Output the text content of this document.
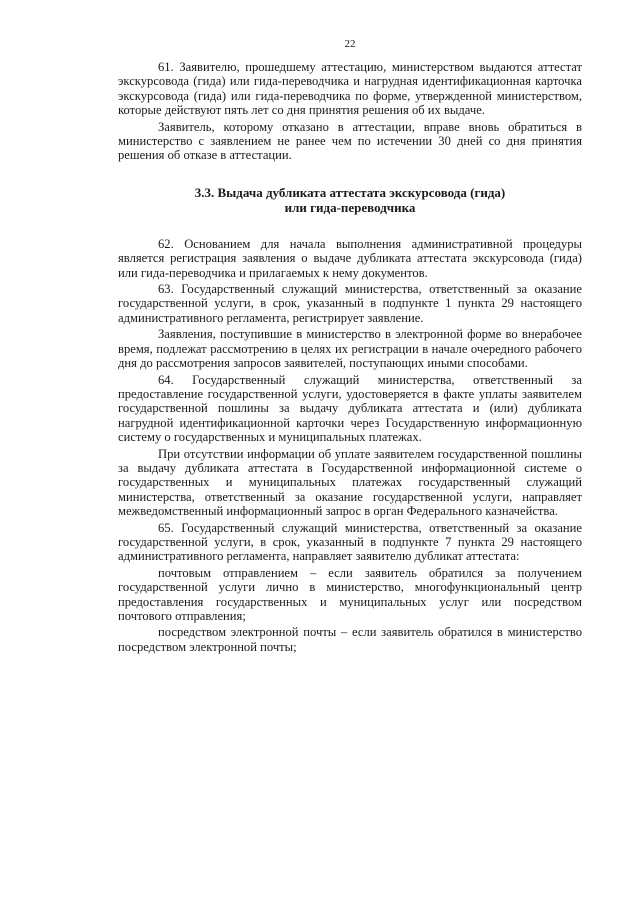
22

61. Заявителю, прошедшему аттестацию, министерством выдаются аттестат экскурсовода (гида) или гида-переводчика и нагрудная идентификационная карточка экскурсовода (гида) или гида-переводчика по форме, утвержденной министерством, которые действуют пять лет со дня принятия решения об их выдаче.

Заявитель, которому отказано в аттестации, вправе вновь обратиться в министерство с заявлением не ранее чем по истечении 30 дней со дня принятия решения об отказе в аттестации.

3.3. Выдача дубликата аттестата экскурсовода (гида)
или гида-переводчика

62. Основанием для начала выполнения административной процедуры является регистрация заявления о выдаче дубликата аттестата экскурсовода (гида) или гида-переводчика и прилагаемых к нему документов.

63. Государственный служащий министерства, ответственный за оказание государственной услуги, в срок, указанный в подпункте 1 пункта 29 настоящего административного регламента, регистрирует заявление.

Заявления, поступившие в министерство в электронной форме во внерабочее время, подлежат рассмотрению в целях их регистрации в начале очередного рабочего дня до рассмотрения запросов заявителей, поступающих иными способами.

64. Государственный служащий министерства, ответственный за предоставление государственной услуги, удостоверяется в факте уплаты заявителем государственной пошлины за выдачу дубликата аттестата и (или) дубликата нагрудной идентификационной карточки через Государственную информационную систему о государственных и муниципальных платежах.

При отсутствии информации об уплате заявителем государственной пошлины за выдачу дубликата аттестата в Государственной информационной системе о государственных и муниципальных платежах государственный служащий министерства, ответственный за оказание государственной услуги, направляет межведомственный информационный запрос в орган Федерального казначейства.

65. Государственный служащий министерства, ответственный за оказание государственной услуги, в срок, указанный в подпункте 7 пункта 29 настоящего административного регламента, направляет заявителю дубликат аттестата:

почтовым отправлением – если заявитель обратился за получением государственной услуги лично в министерство, многофункциональный центр предоставления государственных и муниципальных услуг или посредством почтового отправления;

посредством электронной почты – если заявитель обратился в министерство посредством электронной почты;
